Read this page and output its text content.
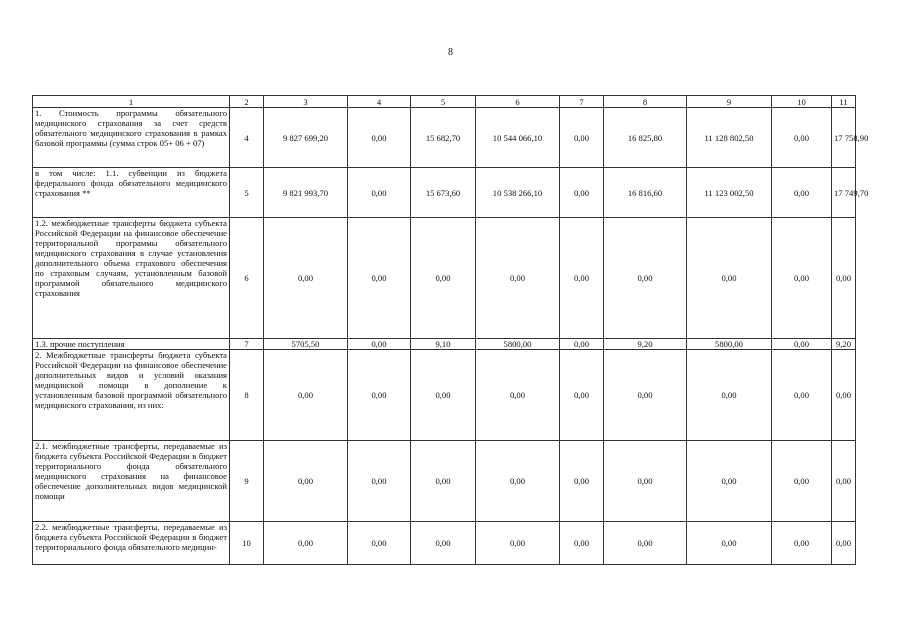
8
1	2	3	4	5	6	7	8	9	10	11
1. Стоимость программы обязательного медицинского страхования за счет средств обязательного медицинского страхования в рамках базовой программы (сумма строк 05+ 06 + 07)	4	9 827 699,20	0,00	15 682,70	10 544 066,10	0,00	16 825,80	11 128 802,50	0,00	17 758,90
в том числе: 1.1. субвенции из бюджета федерального фонда обязательного медицинского страхования **	5	9 821 993,70	0,00	15 673,60	10 538 266,10	0,00	16 816,60	11 123 002,50	0,00	17 749,70
1.2. межбюджетные трансферты бюджета субъекта Российской Федерации на финансовое обеспечение территориальной программы обязательного медицинского страхования в случае установления дополнительного объема страхового обеспечения по страховым случаям, установленным базовой программой обязательного медицинского страхования	6	0,00	0,00	0,00	0,00	0,00	0,00	0,00	0,00	0,00
1.3. прочие поступления	7	5705,50	0,00	9,10	5800,00	0,00	9,20	5800,00	0,00	9,20
2. Межбюджетные трансферты бюджета субъекта Российской Федерации на финансовое обеспечение дополнительных видов и условий оказания медицинской помощи в дополнение к установленным базовой программой обязательного медицинского страхования, из них:	8	0,00	0,00	0,00	0,00	0,00	0,00	0,00	0,00	0,00
2.1. межбюджетные трансферты, передаваемые из бюджета субъекта Российской Федерации в бюджет территориального фонда обязательного медицинского страхования на финансовое обеспечение дополнительных видов медицинской помощи	9	0,00	0,00	0,00	0,00	0,00	0,00	0,00	0,00	0,00
2.2. межбюджетные трансферты, передаваемые из бюджета субъекта Российской Федерации в бюджет территориального фонда обязательного медицин-	10	0,00	0,00	0,00	0,00	0,00	0,00	0,00	0,00	0,00
